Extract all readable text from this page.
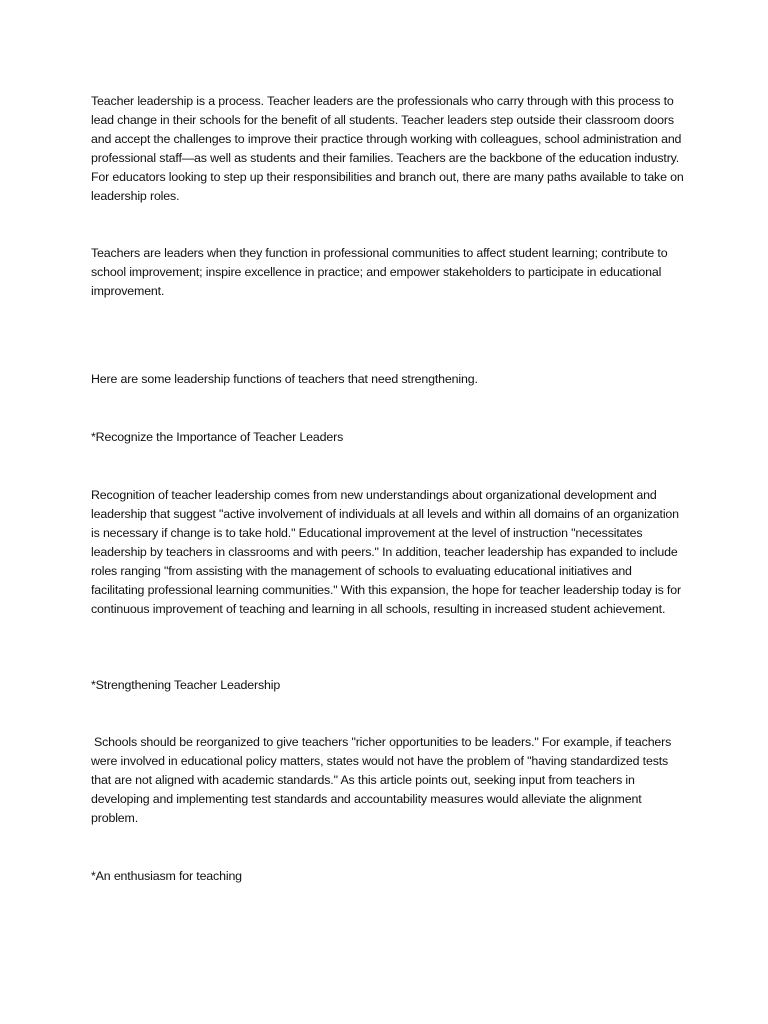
Teacher leadership is a process. Teacher leaders are the professionals who carry through with this process to lead change in their schools for the benefit of all students. Teacher leaders step outside their classroom doors and accept the challenges to improve their practice through working with colleagues, school administration and professional staff—as well as students and their families. Teachers are the backbone of the education industry. For educators looking to step up their responsibilities and branch out, there are many paths available to take on leadership roles.

Teachers are leaders when they function in professional communities to affect student learning; contribute to school improvement; inspire excellence in practice; and empower stakeholders to participate in educational improvement.

Here are some leadership functions of teachers that need strengthening.

*Recognize the Importance of Teacher Leaders

Recognition of teacher leadership comes from new understandings about organizational development and leadership that suggest "active involvement of individuals at all levels and within all domains of an organization is necessary if change is to take hold." Educational improvement at the level of instruction "necessitates leadership by teachers in classrooms and with peers." In addition, teacher leadership has expanded to include roles ranging "from assisting with the management of schools to evaluating educational initiatives and facilitating professional learning communities." With this expansion, the hope for teacher leadership today is for continuous improvement of teaching and learning in all schools, resulting in increased student achievement.

*Strengthening Teacher Leadership

Schools should be reorganized to give teachers "richer opportunities to be leaders." For example, if teachers were involved in educational policy matters, states would not have the problem of "having standardized tests that are not aligned with academic standards." As this article points out, seeking input from teachers in developing and implementing test standards and accountability measures would alleviate the alignment problem.

*An enthusiasm for teaching
